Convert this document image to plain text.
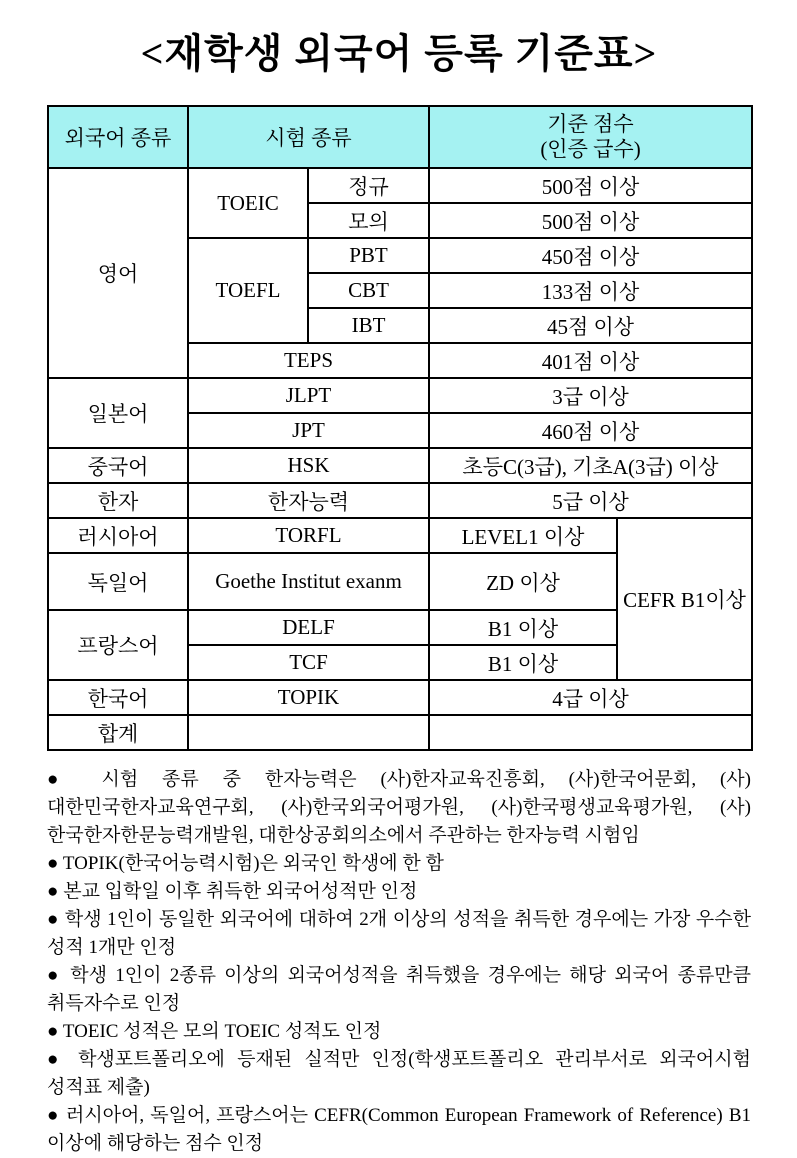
<재학생 외국어 등록 기준표>
외국어 종류	시험 종류		기준 점수
(인증 급수)	

영어	TOEIC	정규	500점 이상	
		모의	500점 이상	
	TOEFL	PBT	450점 이상	
		CBT	133점 이상	
		IBT	45점 이상	
	TEPS		401점 이상	
일본어	JLPT		3급 이상	
	JPT		460점 이상	
중국어	HSK		초등C(3급), 기초A(3급) 이상	
한자	한자능력		5급 이상	
러시아어	TORFL		LEVEL1 이상	CEFR B1이상
독일어	Goethe Institut exanm		ZD 이상	
프랑스어	DELF		B1 이상	
	TCF		B1 이상	
한국어	TOPIK		4급 이상	
합계				

● 시험 종류 중 한자능력은 (사)한자교육진흥회, (사)한국어문회, (사)대한민국한자교육연구회, (사)한국외국어평가원, (사)한국평생교육평가원, (사)한국한자한문능력개발원, 대한상공회의소에서 주관하는 한자능력 시험임

● TOPIK(한국어능력시험)은 외국인 학생에 한 함

● 본교 입학일 이후 취득한 외국어성적만 인정

● 학생 1인이 동일한 외국어에 대하여 2개 이상의 성적을 취득한 경우에는 가장 우수한 성적 1개만 인정

● 학생 1인이 2종류 이상의 외국어성적을 취득했을 경우에는 해당 외국어 종류만큼 취득자수로 인정

● TOEIC 성적은 모의 TOEIC 성적도 인정

● 학생포트폴리오에 등재된 실적만 인정(학생포트폴리오 관리부서로 외국어시험 성적표 제출)

● 러시아어, 독일어, 프랑스어는 CEFR(Common European Framework of Reference) B1 이상에 해당하는 점수 인정
